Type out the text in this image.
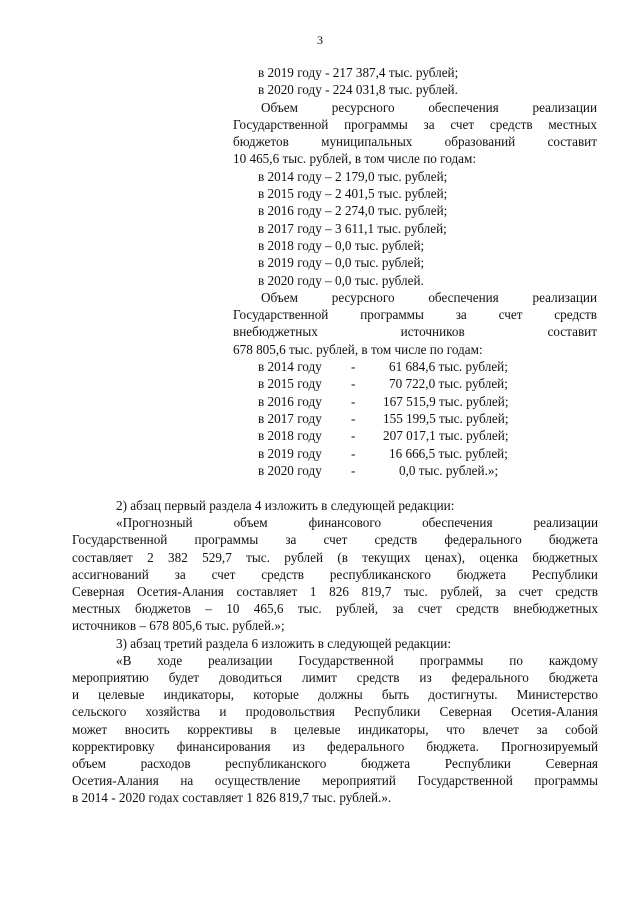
3
в 2019 году - 217 387,4 тыс. рублей;
в 2020 году - 224 031,8 тыс. рублей.
Объем ресурсного обеспечения реализации
Государственной программы за счет средств местных
бюджетов муниципальных образований составит
10 465,6 тыс. рублей, в том числе по годам:
в 2014 году – 2 179,0 тыс. рублей;
в 2015 году – 2 401,5 тыс. рублей;
в 2016 году – 2 274,0 тыс. рублей;
в 2017 году – 3 611,1 тыс. рублей;
в 2018 году – 0,0 тыс. рублей;
в 2019 году – 0,0 тыс. рублей;
в 2020 году – 0,0 тыс. рублей.
Объем ресурсного обеспечения реализации
Государственной программы за счет средств
внебюджетных источников составит
678 805,6 тыс. рублей, в том числе по годам:
в 2014 году	-	61 684,6 тыс. рублей;
в 2015 году	-	70 722,0 тыс. рублей;
в 2016 году	-	167 515,9 тыс. рублей;
в 2017 году	-	155 199,5 тыс. рублей;
в 2018 году	-	207 017,1 тыс. рублей;
в 2019 году	-	16 666,5 тыс. рублей;
в 2020 году	-	0,0 тыс. рублей.»;

2) абзац первый раздела 4 изложить в следующей редакции:

«Прогнозный объем финансового обеспечения реализации

Государственной программы за счет средств федерального бюджета

составляет 2 382 529,7 тыс. рублей (в текущих ценах), оценка бюджетных

ассигнований за счет средств республиканского бюджета Республики

Северная Осетия-Алания составляет 1 826 819,7 тыс. рублей, за счет средств

местных бюджетов – 10 465,6 тыс. рублей, за счет средств внебюджетных

источников – 678 805,6 тыс. рублей.»;

3) абзац третий раздела 6 изложить в следующей редакции:

«В ходе реализации Государственной программы по каждому

мероприятию будет доводиться лимит средств из федерального бюджета

и целевые индикаторы, которые должны быть достигнуты. Министерство

сельского хозяйства и продовольствия Республики Северная Осетия-Алания

может вносить коррективы в целевые индикаторы, что влечет за собой

корректировку финансирования из федерального бюджета. Прогнозируемый

объем расходов республиканского бюджета Республики Северная

Осетия-Алания на осуществление мероприятий Государственной программы

в 2014 - 2020 годах составляет 1 826 819,7 тыс. рублей.».
